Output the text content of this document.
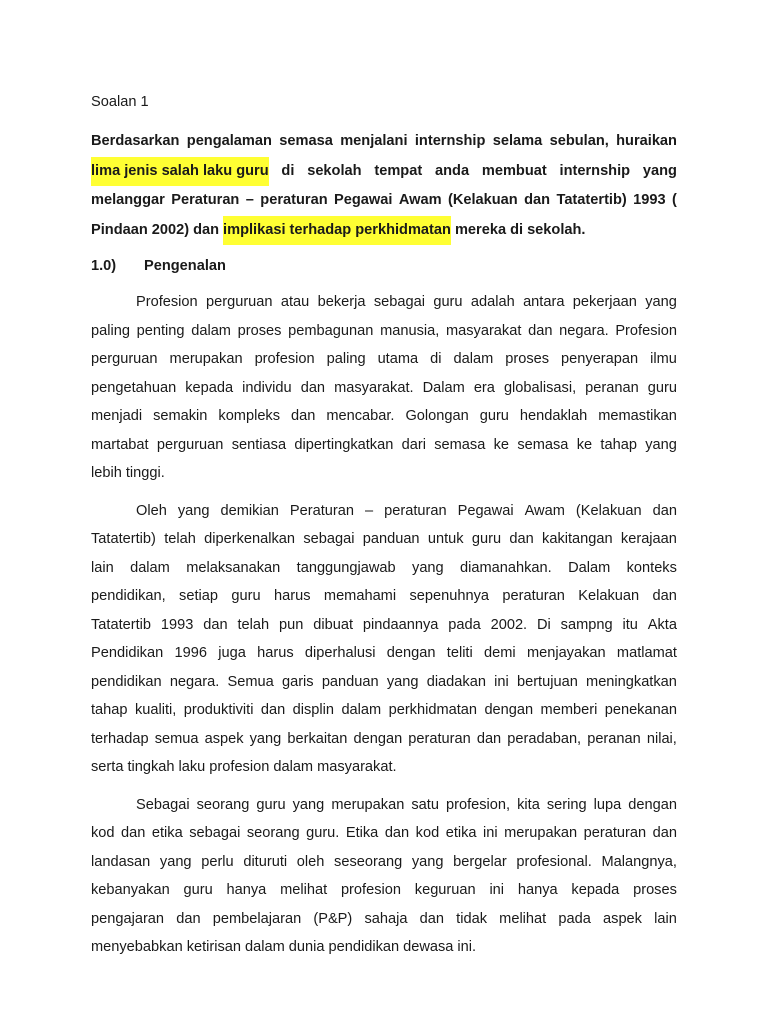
Soalan 1
Berdasarkan pengalaman semasa menjalani internship selama sebulan, huraikan
lima jenis salah laku guru di sekolah tempat anda membuat internship yang
melanggar Peraturan – peraturan Pegawai Awam (Kelakuan dan Tatatertib) 1993 (
Pindaan 2002) dan implikasi terhadap perkhidmatan mereka di sekolah.
1.0)	Pengenalan
Profesion perguruan atau bekerja sebagai guru adalah antara pekerjaan yang
paling penting dalam proses pembagunan manusia, masyarakat dan negara. Profesion
perguruan merupakan profesion paling utama di dalam proses penyerapan ilmu
pengetahuan kepada individu dan masyarakat. Dalam era globalisasi, peranan guru
menjadi semakin kompleks dan mencabar. Golongan guru hendaklah memastikan
martabat perguruan sentiasa dipertingkatkan dari semasa ke semasa ke tahap yang
lebih tinggi.
Oleh yang demikian Peraturan – peraturan Pegawai Awam (Kelakuan dan
Tatatertib) telah diperkenalkan sebagai panduan untuk guru dan kakitangan kerajaan
lain dalam melaksanakan tanggungjawab yang diamanahkan. Dalam konteks
pendidikan, setiap guru harus memahami sepenuhnya peraturan Kelakuan dan
Tatatertib 1993 dan telah pun dibuat pindaannya pada 2002. Di sampng itu Akta
Pendidikan 1996 juga harus diperhalusi dengan teliti demi menjayakan matlamat
pendidikan negara. Semua garis panduan yang diadakan ini bertujuan meningkatkan
tahap kualiti, produktiviti dan displin dalam perkhidmatan dengan memberi penekanan
terhadap semua aspek yang berkaitan dengan peraturan dan peradaban, peranan nilai,
serta tingkah laku profesion dalam masyarakat.
Sebagai seorang guru yang merupakan satu profesion, kita sering lupa dengan
kod dan etika sebagai seorang guru. Etika dan kod etika ini merupakan peraturan dan
landasan yang perlu dituruti oleh seseorang yang bergelar profesional. Malangnya,
kebanyakan guru hanya melihat profesion keguruan ini hanya kepada proses
pengajaran dan pembelajaran (P&P) sahaja dan tidak melihat pada aspek lain
menyebabkan ketirisan dalam dunia pendidikan dewasa ini.
